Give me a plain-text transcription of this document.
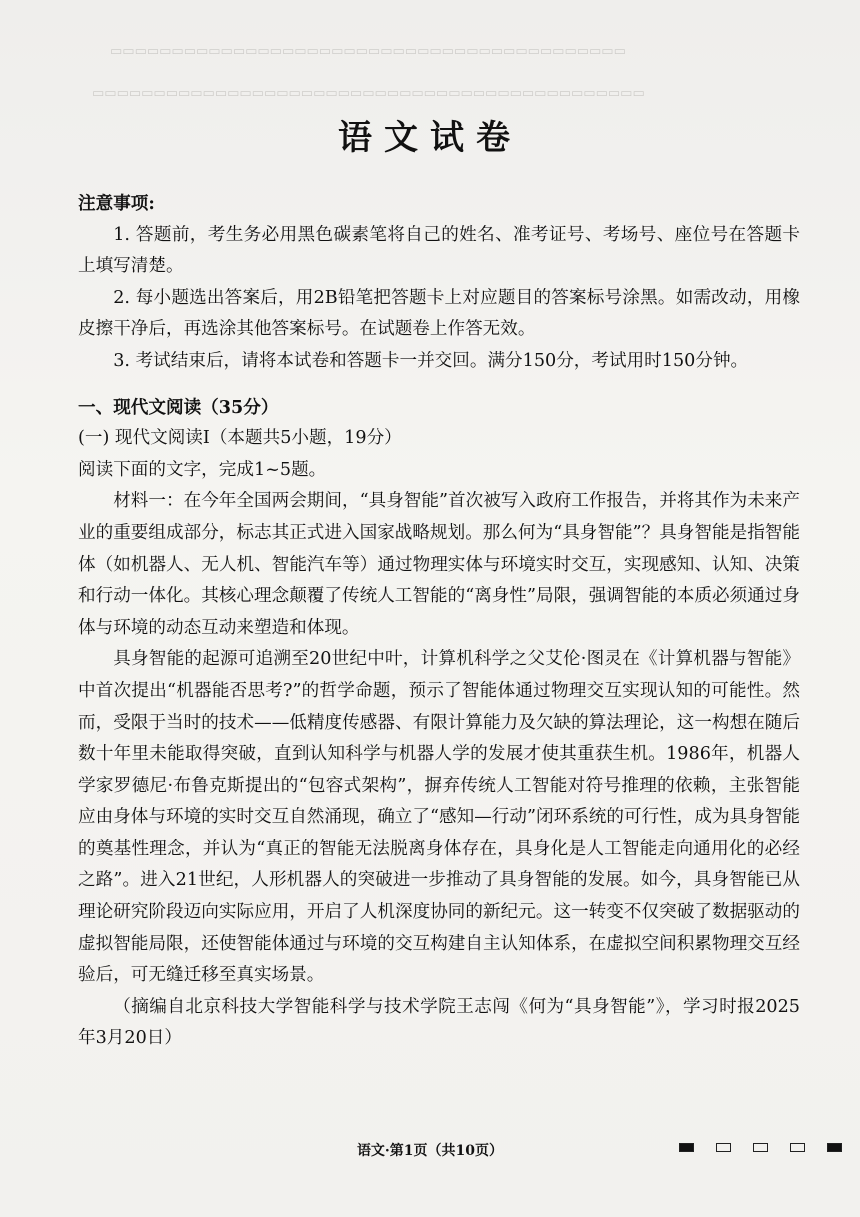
▭▭▭▭▭▭▭▭▭▭▭▭▭▭▭▭▭▭▭▭▭▭▭▭▭▭▭▭▭▭▭▭▭▭▭▭▭▭▭▭▭▭
▭▭▭▭▭▭▭▭▭▭▭▭▭▭▭▭▭▭▭▭▭▭▭▭▭▭▭▭▭▭▭▭▭▭▭▭▭▭▭▭▭▭▭▭▭
语文试卷

注意事项:

1. 答题前，考生务必用黑色碳素笔将自己的姓名、准考证号、考场号、座位号在答题卡上填写清楚。

2. 每小题选出答案后，用2B铅笔把答题卡上对应题目的答案标号涂黑。如需改动，用橡皮擦干净后，再选涂其他答案标号。在试题卷上作答无效。

3. 考试结束后，请将本试卷和答题卡一并交回。满分150分，考试用时150分钟。

一、现代文阅读（35分）

(一) 现代文阅读Ⅰ（本题共5小题，19分）

阅读下面的文字，完成1~5题。

材料一：在今年全国两会期间，“具身智能”首次被写入政府工作报告，并将其作为未来产业的重要组成部分，标志其正式进入国家战略规划。那么何为“具身智能”？具身智能是指智能体（如机器人、无人机、智能汽车等）通过物理实体与环境实时交互，实现感知、认知、决策和行动一体化。其核心理念颠覆了传统人工智能的“离身性”局限，强调智能的本质必须通过身体与环境的动态互动来塑造和体现。

具身智能的起源可追溯至20世纪中叶，计算机科学之父艾伦·图灵在《计算机器与智能》中首次提出“机器能否思考?”的哲学命题，预示了智能体通过物理交互实现认知的可能性。然而，受限于当时的技术——低精度传感器、有限计算能力及欠缺的算法理论，这一构想在随后数十年里未能取得突破，直到认知科学与机器人学的发展才使其重获生机。1986年，机器人学家罗德尼·布鲁克斯提出的“包容式架构”，摒弃传统人工智能对符号推理的依赖，主张智能应由身体与环境的实时交互自然涌现，确立了“感知—行动”闭环系统的可行性，成为具身智能的奠基性理念，并认为“真正的智能无法脱离身体存在，具身化是人工智能走向通用化的必经之路”。进入21世纪，人形机器人的突破进一步推动了具身智能的发展。如今，具身智能已从理论研究阶段迈向实际应用，开启了人机深度协同的新纪元。这一转变不仅突破了数据驱动的虚拟智能局限，还使智能体通过与环境的交互构建自主认知体系，在虚拟空间积累物理交互经验后，可无缝迁移至真实场景。

（摘编自北京科技大学智能科学与技术学院王志闯《何为“具身智能”》，学习时报2025年3月20日）

语文·第1页（共10页）
